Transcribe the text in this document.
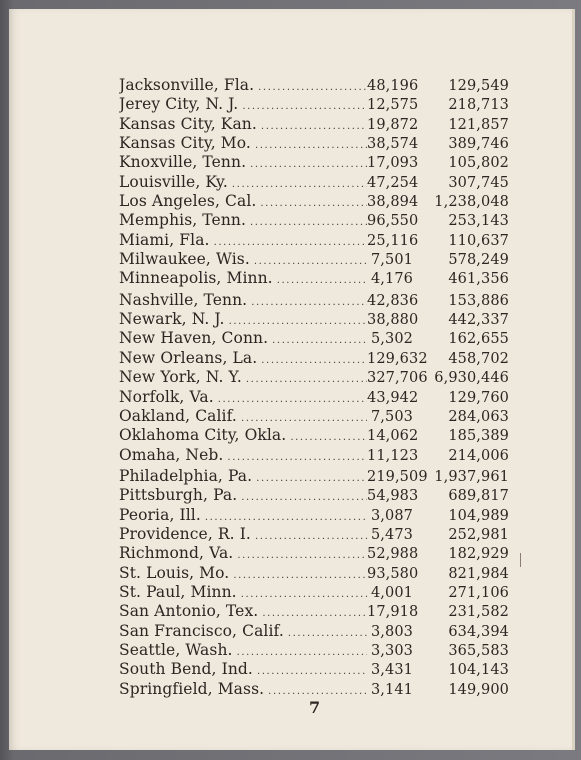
Jacksonville, Fla. .....	48,196	129,549
Jerey City, N. J. .....	12,575	218,713
Kansas City, Kan. .....	19,872	121,857
Kansas City, Mo. .....	38,574	389,746
Knoxville, Tenn. .....	17,093	105,802
Louisville, Ky. .....	47,254	307,745
Los Angeles, Cal. .....	38,894	1,238,048
Memphis, Tenn. .....	96,550	253,143
Miami, Fla. .....	25,116	110,637
Milwaukee, Wis. .....	7,501	578,249
Minneapolis, Minn. .....	4,176	461,356
Nashville, Tenn. .....	42,836	153,886
Newark, N. J. .....	38,880	442,337
New Haven, Conn. .....	5,302	162,655
New Orleans, La. .....	129,632	458,702
New York, N. Y. .....	327,706 6,930,446
Norfolk, Va. .....	43,942	129,760
Oakland, Calif. .....	7,503	284,063
Oklahoma City, Okla. .....	14,062	185,389
Omaha, Neb. .....	11,123	214,006
Philadelphia, Pa. .....	219,509 1,937,961
Pittsburgh, Pa. .....	54,983	689,817
Peoria, Ill. .....	3,087	104,989
Providence, R. I. .....	5,473	252,981
Richmond, Va. .....	52,988	182,929
St. Louis, Mo. .....	93,580	821,984
St. Paul, Minn. .....	4,001	271,106
San Antonio, Tex. .....	17,918	231,582
San Francisco, Calif. .....	3,803	634,394
Seattle, Wash. .....	3,303	365,583
South Bend, Ind. .....	3,431	104,143
Springfield, Mass. .....	3,141	149,900
7
